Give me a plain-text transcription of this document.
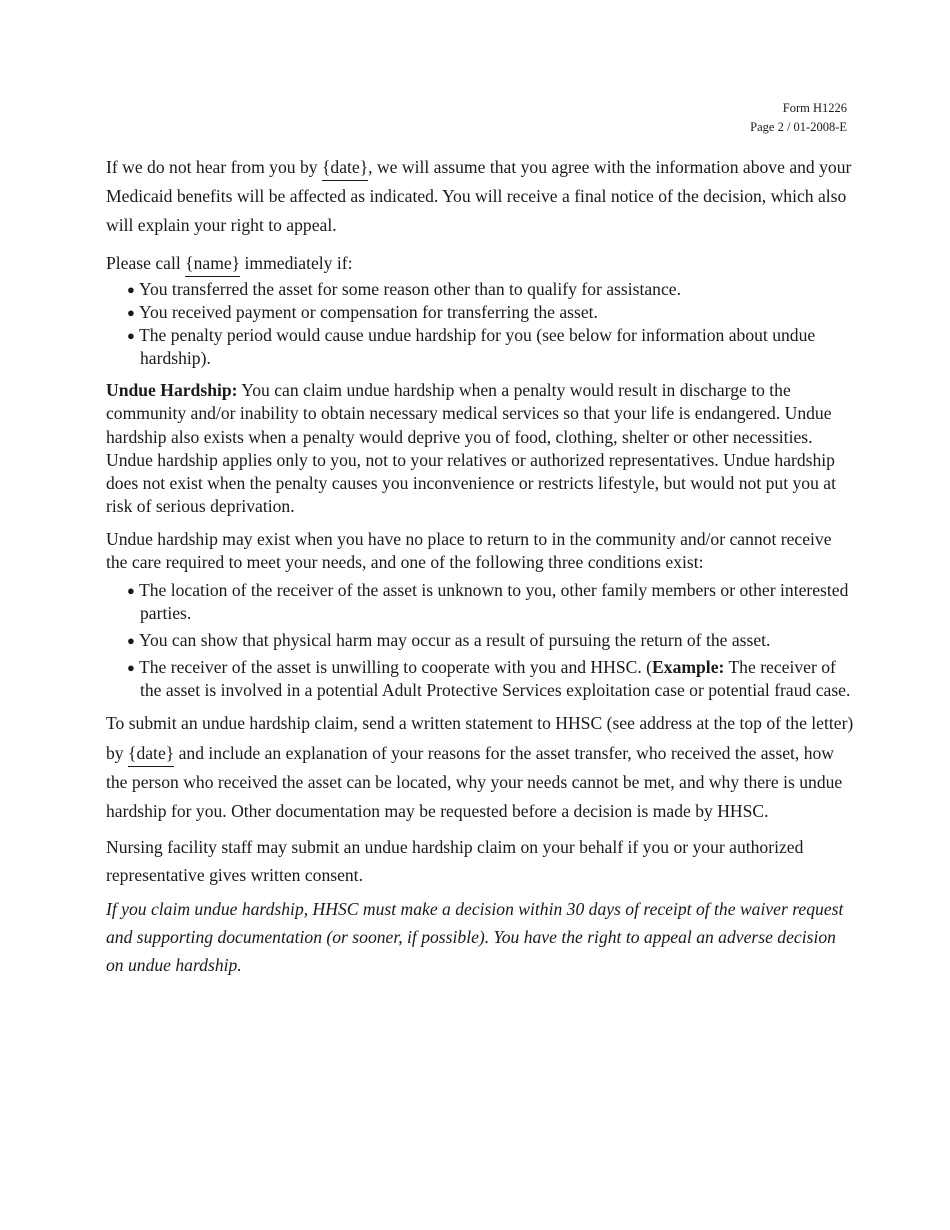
Form H1226
Page 2 / 01-2008-E

If we do not hear from you by {date}, we will assume that you agree with the information above and your Medicaid benefits will be affected as indicated. You will receive a final notice of the decision, which also will explain your right to appeal.

Please call {name} immediately if:

● You transferred the asset for some reason other than to qualify for assistance.
● You received payment or compensation for transferring the asset.
● The penalty period would cause undue hardship for you (see below for information about undue hardship).

Undue Hardship: You can claim undue hardship when a penalty would result in discharge to the community and/or inability to obtain necessary medical services so that your life is endangered. Undue hardship also exists when a penalty would deprive you of food, clothing, shelter or other necessities. Undue hardship applies only to you, not to your relatives or authorized representatives. Undue hardship does not exist when the penalty causes you inconvenience or restricts lifestyle, but would not put you at risk of serious deprivation.

Undue hardship may exist when you have no place to return to in the community and/or cannot receive the care required to meet your needs, and one of the following three conditions exist:

● The location of the receiver of the asset is unknown to you, other family members or other interested parties.
● You can show that physical harm may occur as a result of pursuing the return of the asset.
● The receiver of the asset is unwilling to cooperate with you and HHSC. (Example: The receiver of the asset is involved in a potential Adult Protective Services exploitation case or potential fraud case.

To submit an undue hardship claim, send a written statement to HHSC (see address at the top of the letter) by {date} and include an explanation of your reasons for the asset transfer, who received the asset, how the person who received the asset can be located, why your needs cannot be met, and why there is undue hardship for you. Other documentation may be requested before a decision is made by HHSC.

Nursing facility staff may submit an undue hardship claim on your behalf if you or your authorized representative gives written consent.

If you claim undue hardship, HHSC must make a decision within 30 days of receipt of the waiver request and supporting documentation (or sooner, if possible). You have the right to appeal an adverse decision on undue hardship.
